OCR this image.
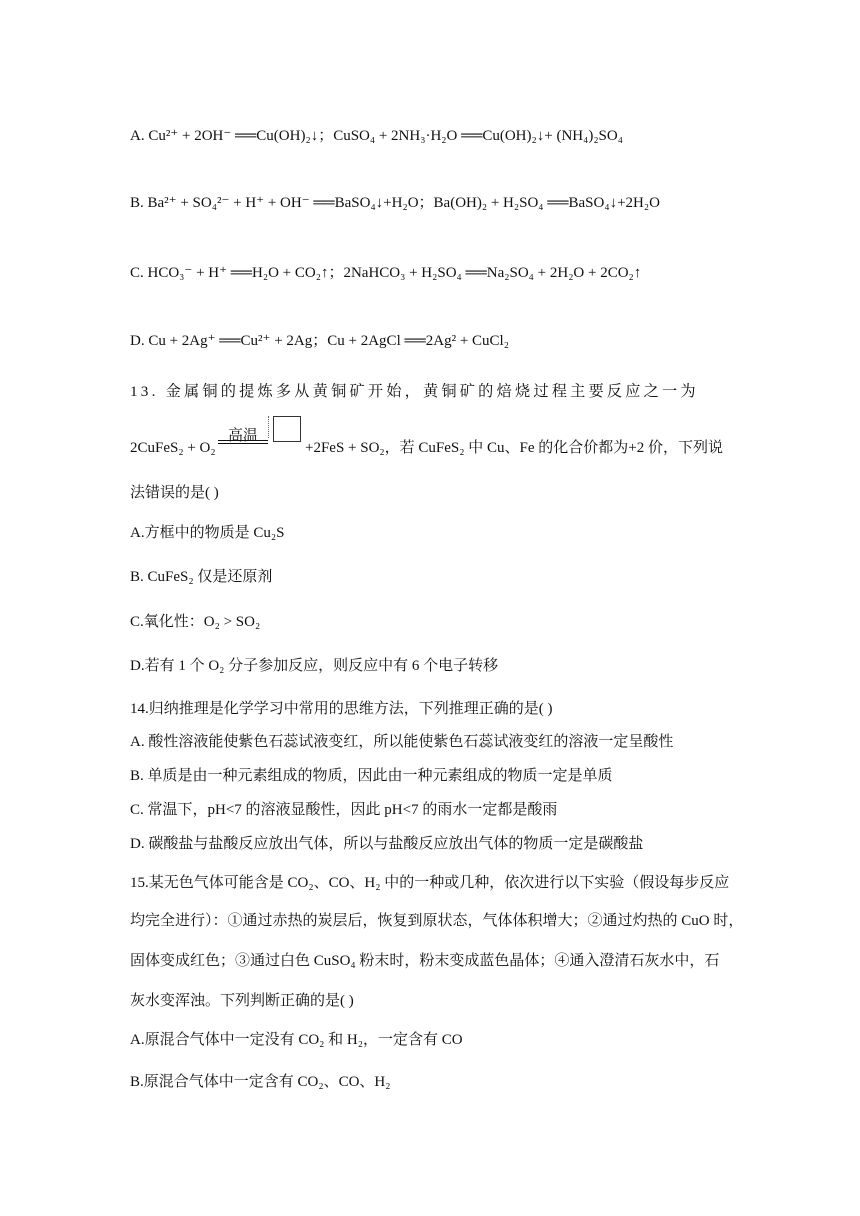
A. Cu²⁺ + 2OH⁻ ══Cu(OH)₂↓；CuSO₄ + 2NH₃·H₂O ══Cu(OH)₂↓+ (NH₄)₂SO₄
B. Ba²⁺ + SO₄²⁻ + H⁺ + OH⁻ ══BaSO₄↓+H₂O；Ba(OH)₂ + H₂SO₄ ══BaSO₄↓+2H₂O
C. HCO₃⁻ + H⁺ ══H₂O + CO₂↑；2NaHCO₃ + H₂SO₄ ══Na₂SO₄ + 2H₂O + 2CO₂↑
D. Cu + 2Ag⁺ ══Cu²⁺ + 2Ag；Cu + 2AgCl ══2Ag² + CuCl₂
13. 金属铜的提炼多从黄铜矿开始，黄铜矿的焙烧过程主要反应之一为
2CuFeS₂ + O₂
高温
+2FeS + SO₂，若 CuFeS₂ 中 Cu、Fe 的化合价都为+2 价，下列说
法错误的是( )
A.方框中的物质是 Cu₂S
B. CuFeS₂ 仅是还原剂
C.氧化性：O₂ > SO₂
D.若有 1 个 O₂ 分子参加反应，则反应中有 6 个电子转移
14.归纳推理是化学学习中常用的思维方法，下列推理正确的是( )
A. 酸性溶液能使紫色石蕊试液变红，所以能使紫色石蕊试液变红的溶液一定呈酸性
B. 单质是由一种元素组成的物质，因此由一种元素组成的物质一定是单质
C. 常温下，pH<7 的溶液显酸性，因此 pH<7 的雨水一定都是酸雨
D. 碳酸盐与盐酸反应放出气体，所以与盐酸反应放出气体的物质一定是碳酸盐
15.某无色气体可能含是 CO₂、CO、H₂ 中的一种或几种，依次进行以下实验（假设每步反应
均完全进行）：①通过赤热的炭层后，恢复到原状态，气体体积增大；②通过灼热的 CuO 时，
固体变成红色；③通过白色 CuSO₄ 粉末时，粉末变成蓝色晶体；④通入澄清石灰水中，石
灰水变浑浊。下列判断正确的是( )
A.原混合气体中一定没有 CO₂ 和 H₂，一定含有 CO
B.原混合气体中一定含有 CO₂、CO、H₂
